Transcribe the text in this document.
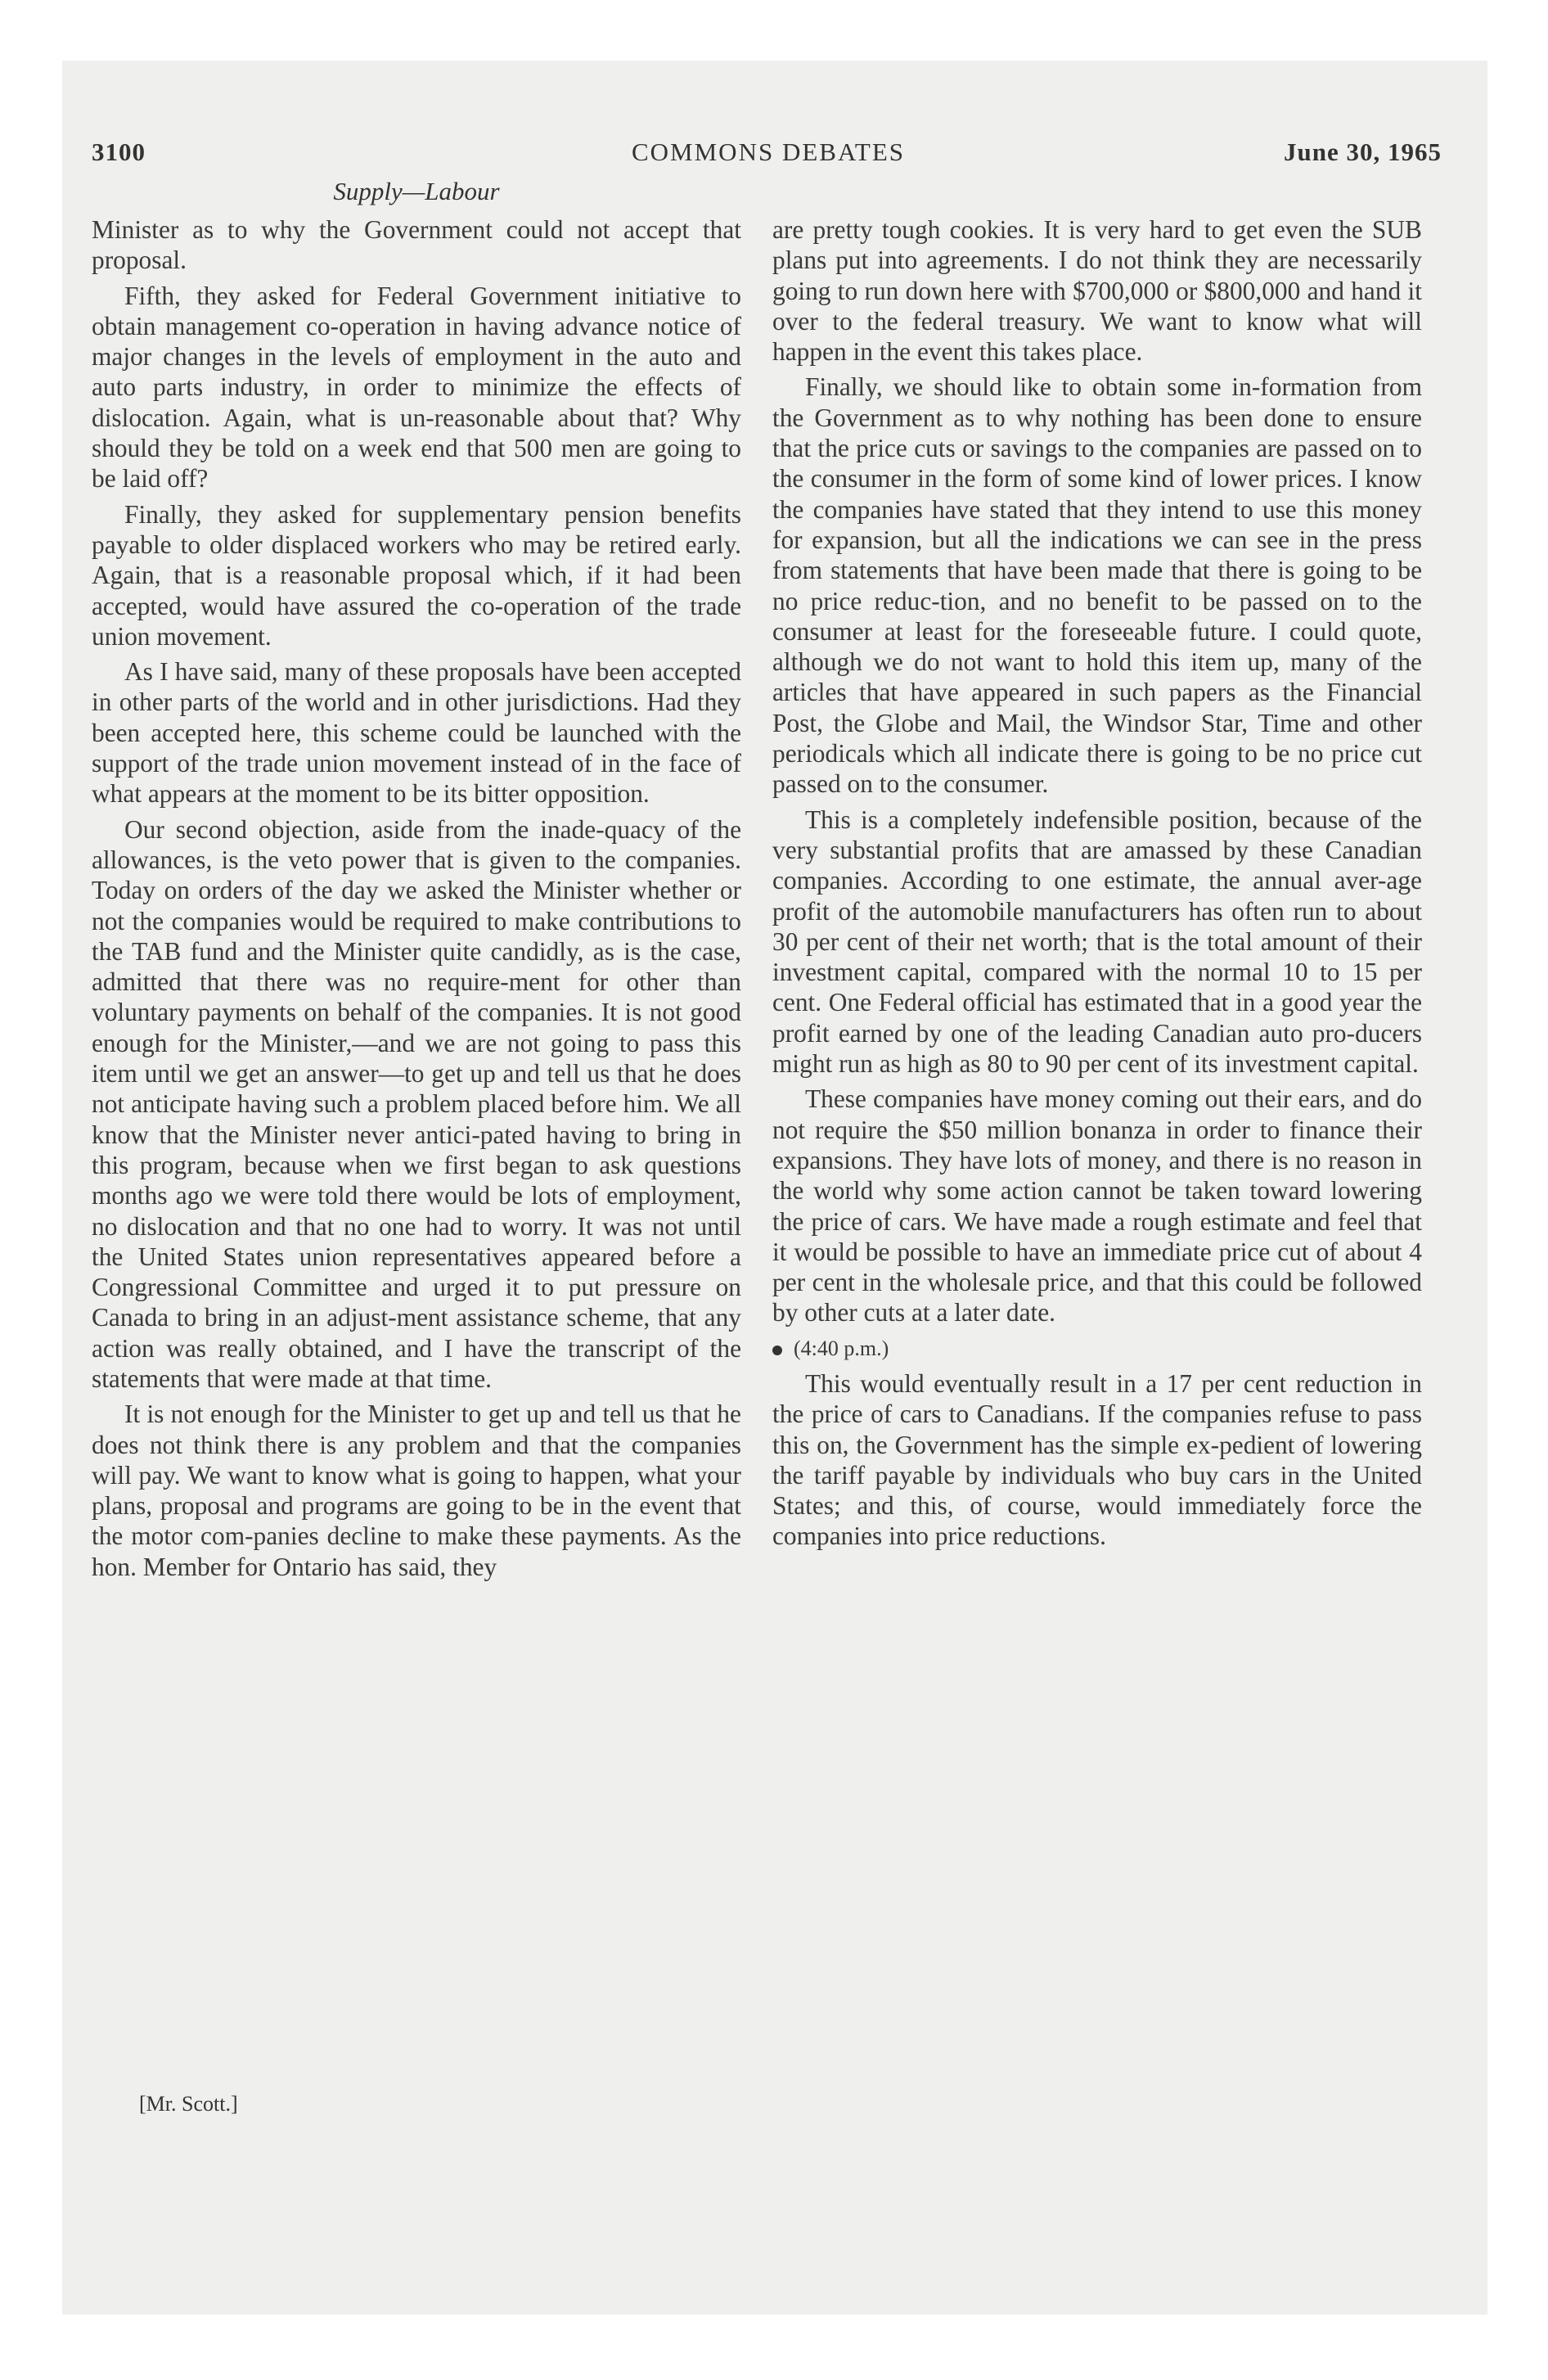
3100	COMMONS DEBATES	June 30, 1965
Supply—Labour

Minister as to why the Government could not accept that proposal.

Fifth, they asked for Federal Government initiative to obtain management co-operation in having advance notice of major changes in the levels of employment in the auto and auto parts industry, in order to minimize the effects of dislocation. Again, what is un-reasonable about that? Why should they be told on a week end that 500 men are going to be laid off?

Finally, they asked for supplementary pension benefits payable to older displaced workers who may be retired early. Again, that is a reasonable proposal which, if it had been accepted, would have assured the co-operation of the trade union movement.

As I have said, many of these proposals have been accepted in other parts of the world and in other jurisdictions. Had they been accepted here, this scheme could be launched with the support of the trade union movement instead of in the face of what appears at the moment to be its bitter opposition.

Our second objection, aside from the inade-quacy of the allowances, is the veto power that is given to the companies. Today on orders of the day we asked the Minister whether or not the companies would be required to make contributions to the TAB fund and the Minister quite candidly, as is the case, admitted that there was no require-ment for other than voluntary payments on behalf of the companies. It is not good enough for the Minister,—and we are not going to pass this item until we get an answer—to get up and tell us that he does not anticipate having such a problem placed before him. We all know that the Minister never antici-pated having to bring in this program, because when we first began to ask questions months ago we were told there would be lots of employment, no dislocation and that no one had to worry. It was not until the United States union representatives appeared before a Congressional Committee and urged it to put pressure on Canada to bring in an adjust-ment assistance scheme, that any action was really obtained, and I have the transcript of the statements that were made at that time.

It is not enough for the Minister to get up and tell us that he does not think there is any problem and that the companies will pay. We want to know what is going to happen, what your plans, proposal and programs are going to be in the event that the motor com-panies decline to make these payments. As the hon. Member for Ontario has said, they

are pretty tough cookies. It is very hard to get even the SUB plans put into agreements. I do not think they are necessarily going to run down here with $700,000 or $800,000 and hand it over to the federal treasury. We want to know what will happen in the event this takes place.

Finally, we should like to obtain some in-formation from the Government as to why nothing has been done to ensure that the price cuts or savings to the companies are passed on to the consumer in the form of some kind of lower prices. I know the companies have stated that they intend to use this money for expansion, but all the indications we can see in the press from statements that have been made that there is going to be no price reduc-tion, and no benefit to be passed on to the consumer at least for the foreseeable future. I could quote, although we do not want to hold this item up, many of the articles that have appeared in such papers as the Financial Post, the Globe and Mail, the Windsor Star, Time and other periodicals which all indicate there is going to be no price cut passed on to the consumer.

This is a completely indefensible position, because of the very substantial profits that are amassed by these Canadian companies. According to one estimate, the annual aver-age profit of the automobile manufacturers has often run to about 30 per cent of their net worth; that is the total amount of their investment capital, compared with the normal 10 to 15 per cent. One Federal official has estimated that in a good year the profit earned by one of the leading Canadian auto pro-ducers might run as high as 80 to 90 per cent of its investment capital.

These companies have money coming out their ears, and do not require the $50 million bonanza in order to finance their expansions. They have lots of money, and there is no reason in the world why some action cannot be taken toward lowering the price of cars. We have made a rough estimate and feel that it would be possible to have an immediate price cut of about 4 per cent in the wholesale price, and that this could be followed by other cuts at a later date.

(4:40 p.m.)

This would eventually result in a 17 per cent reduction in the price of cars to Canadians. If the companies refuse to pass this on, the Government has the simple ex-pedient of lowering the tariff payable by individuals who buy cars in the United States; and this, of course, would immediately force the companies into price reductions.

[Mr. Scott.]
